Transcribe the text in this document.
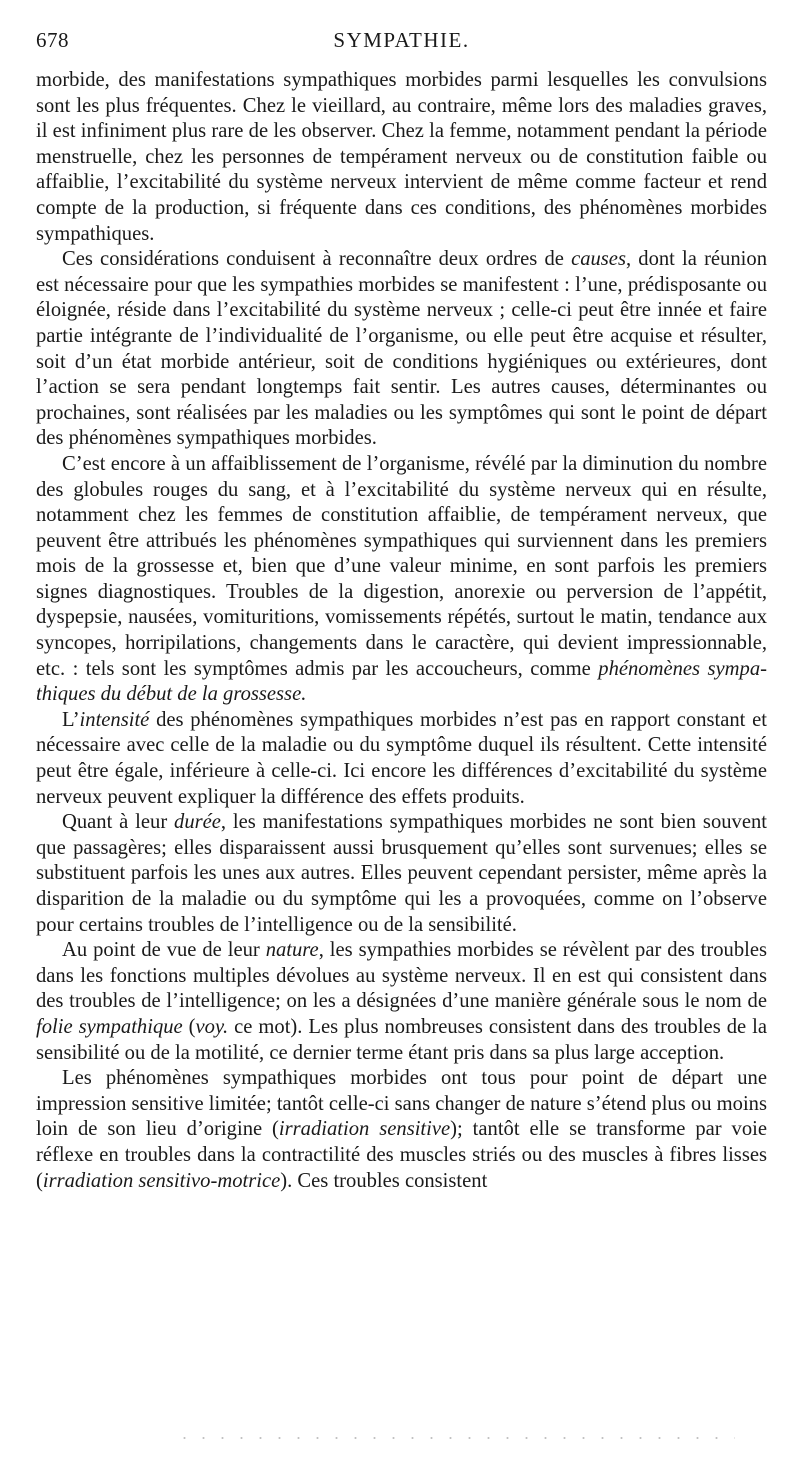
678	SYMPATHIE.

morbide, des manifestations sympathiques morbides parmi lesquelles les convulsions sont les plus fréquentes. Chez le vieillard, au contraire, même lors des maladies graves, il est infiniment plus rare de les observer. Chez la femme, notamment pendant la période menstruelle, chez les personnes de tempérament nerveux ou de constitution faible ou affaiblie, l’excitabilité du système nerveux intervient de même comme facteur et rend compte de la production, si fréquente dans ces conditions, des phénomènes morbides sympathiques.

Ces considérations conduisent à reconnaître deux ordres de causes, dont la réunion est nécessaire pour que les sympathies morbides se manifestent : l’une, prédisposante ou éloignée, réside dans l’excitabilité du système nerveux ; celle-ci peut être innée et faire partie intégrante de l’individualité de l’organisme, ou elle peut être acquise et résulter, soit d’un état morbide antérieur, soit de conditions hygiéniques ou extérieures, dont l’action se sera pendant longtemps fait sentir. Les autres causes, déterminantes ou prochaines, sont réalisées par les maladies ou les symptômes qui sont le point de départ des phénomènes sympathiques morbides.

C’est encore à un affaiblissement de l’organisme, révélé par la diminution du nombre des globules rouges du sang, et à l’excitabilité du système nerveux qui en résulte, notamment chez les femmes de constitution affaiblie, de tempérament nerveux, que peuvent être attribués les phénomènes sympathiques qui surviennent dans les premiers mois de la grossesse et, bien que d’une valeur minime, en sont parfois les premiers signes diagnostiques. Troubles de la digestion, anorexie ou perversion de l’appétit, dyspepsie, nausées, vomituritions, vomissements répétés, surtout le matin, tendance aux syncopes, horripilations, changements dans le caractère, qui devient impressionnable, etc. : tels sont les symptômes admis par les accoucheurs, comme phénomènes sympathiques du début de la grossesse.

L’intensité des phénomènes sympathiques morbides n’est pas en rapport constant et nécessaire avec celle de la maladie ou du symptôme duquel ils résultent. Cette intensité peut être égale, inférieure à celle-ci. Ici encore les différences d’excitabilité du système nerveux peuvent expliquer la différence des effets produits.

Quant à leur durée, les manifestations sympathiques morbides ne sont bien souvent que passagères; elles disparaissent aussi brusquement qu’elles sont survenues; elles se substituent parfois les unes aux autres. Elles peuvent cependant persister, même après la disparition de la maladie ou du symptôme qui les a provoquées, comme on l’observe pour certains troubles de l’intelligence ou de la sensibilité.

Au point de vue de leur nature, les sympathies morbides se révèlent par des troubles dans les fonctions multiples dévolues au système nerveux. Il en est qui consistent dans des troubles de l’intelligence; on les a désignées d’une manière générale sous le nom de folie sympathique (voy. ce mot). Les plus nombreuses consistent dans des troubles de la sensibilité ou de la motilité, ce dernier terme étant pris dans sa plus large acception.

Les phénomènes sympathiques morbides ont tous pour point de départ une impression sensitive limitée; tantôt celle-ci sans changer de nature s’étend plus ou moins loin de son lieu d’origine (irradiation sensitive); tantôt elle se transforme par voie réflexe en troubles dans la contractilité des muscles striés ou des muscles à fibres lisses (irradiation sensitivo-motrice). Ces troubles consistent
